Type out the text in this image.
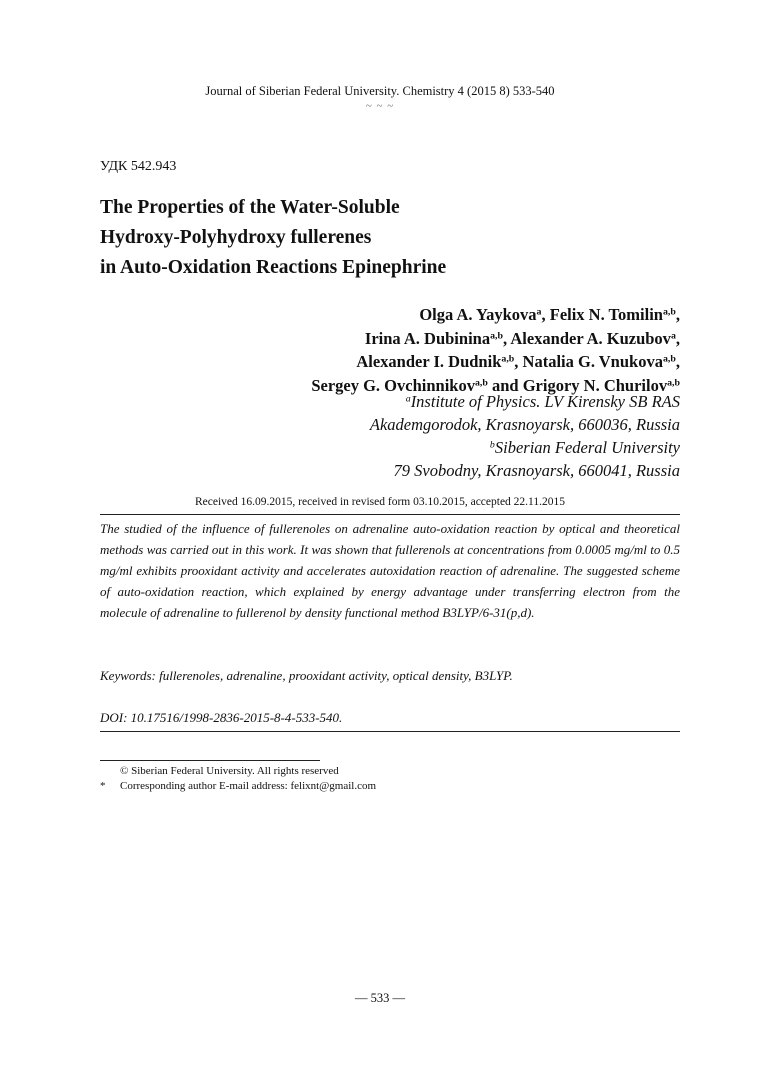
Journal of Siberian Federal University. Chemistry 4 (2015 8) 533-540
~ ~ ~
УДК 542.943
The Properties of the Water-Soluble
Hydroxy-Polyhydroxy fullerenes
in Auto-Oxidation Reactions Epinephrine
Olga A. Yaykova$^a$, Felix N. Tomilin$^{a,b}$,
Irina A. Dubinina$^{a,b}$, Alexander A. Kuzubov$^a$,
Alexander I. Dudnik$^{a,b}$, Natalia G. Vnukova$^{a,b}$,
Sergey G. Ovchinnikov$^{a,b}$ and Grigory N. Churilov$^{a,b}$
$^a$Institute of Physics. LV Kirensky SB RAS
Akademgorodok, Krasnoyarsk, 660036, Russia
$^b$Siberian Federal University
79 Svobodny, Krasnoyarsk, 660041, Russia
Received 16.09.2015, received in revised form 03.10.2015, accepted 22.11.2015
The studied of the influence of fullerenoles on adrenaline auto-oxidation reaction by optical and theoretical methods was carried out in this work. It was shown that fullerenols at concentrations from 0.0005 mg/ml to 0.5 mg/ml exhibits prooxidant activity and accelerates autoxidation reaction of adrenaline. The suggested scheme of auto-oxidation reaction, which explained by energy advantage under transferring electron from the molecule of adrenaline to fullerenol by density functional method B3LYP/6-31(p,d).
Keywords: fullerenoles, adrenaline, prooxidant activity, optical density, B3LYP.
DOI: 10.17516/1998-2836-2015-8-4-533-540.
© Siberian Federal University. All rights reserved
* Corresponding author E-mail address: felixnt@gmail.com
— 533 —
